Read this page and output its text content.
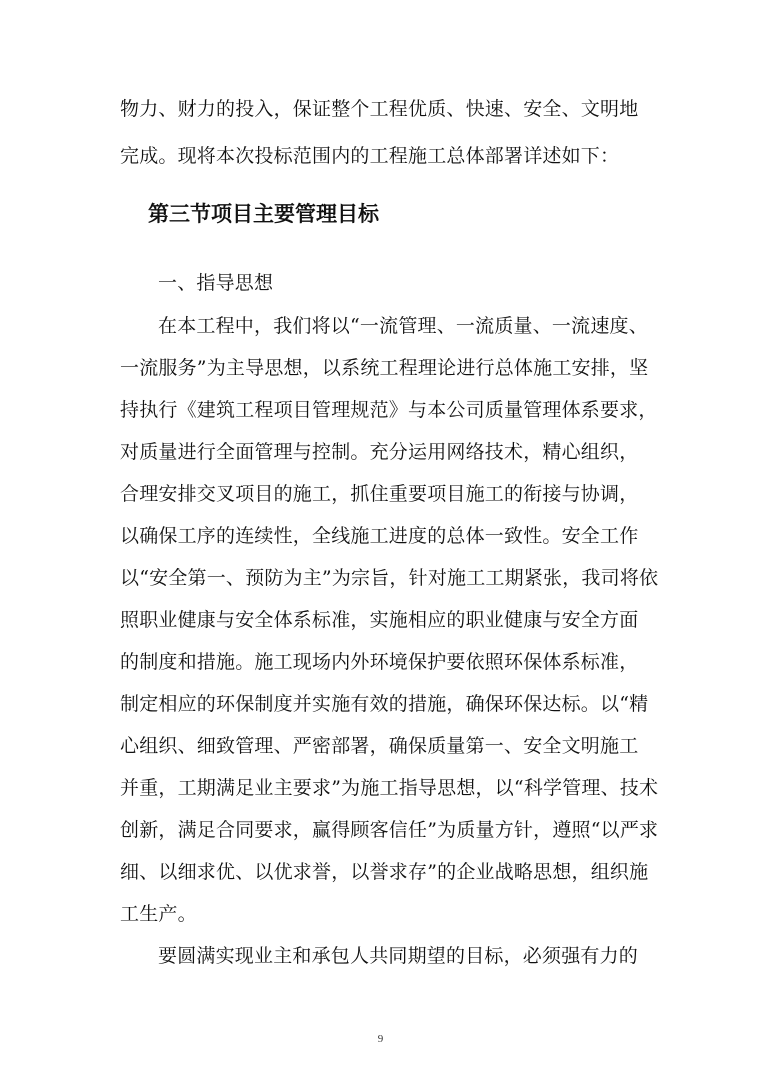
物力、财力的投入，保证整个工程优质、快速、安全、文明地
完成。现将本次投标范围内的工程施工总体部署详述如下：
第三节项目主要管理目标
一、指导思想
在本工程中，我们将以“一流管理、一流质量、一流速度、
一流服务”为主导思想，以系统工程理论进行总体施工安排，坚
持执行《建筑工程项目管理规范》与本公司质量管理体系要求，
对质量进行全面管理与控制。充分运用网络技术，精心组织，
合理安排交叉项目的施工，抓住重要项目施工的衔接与协调，
以确保工序的连续性，全线施工进度的总体一致性。安全工作
以“安全第一、预防为主”为宗旨，针对施工工期紧张，我司将依
照职业健康与安全体系标准，实施相应的职业健康与安全方面
的制度和措施。施工现场内外环境保护要依照环保体系标准，
制定相应的环保制度并实施有效的措施，确保环保达标。以“精
心组织、细致管理、严密部署，确保质量第一、安全文明施工
并重，工期满足业主要求”为施工指导思想，以“科学管理、技术
创新，满足合同要求，赢得顾客信任”为质量方针，遵照“以严求
细、以细求优、以优求誉，以誉求存”的企业战略思想，组织施
工生产。
要圆满实现业主和承包人共同期望的目标，必须强有力的
9
